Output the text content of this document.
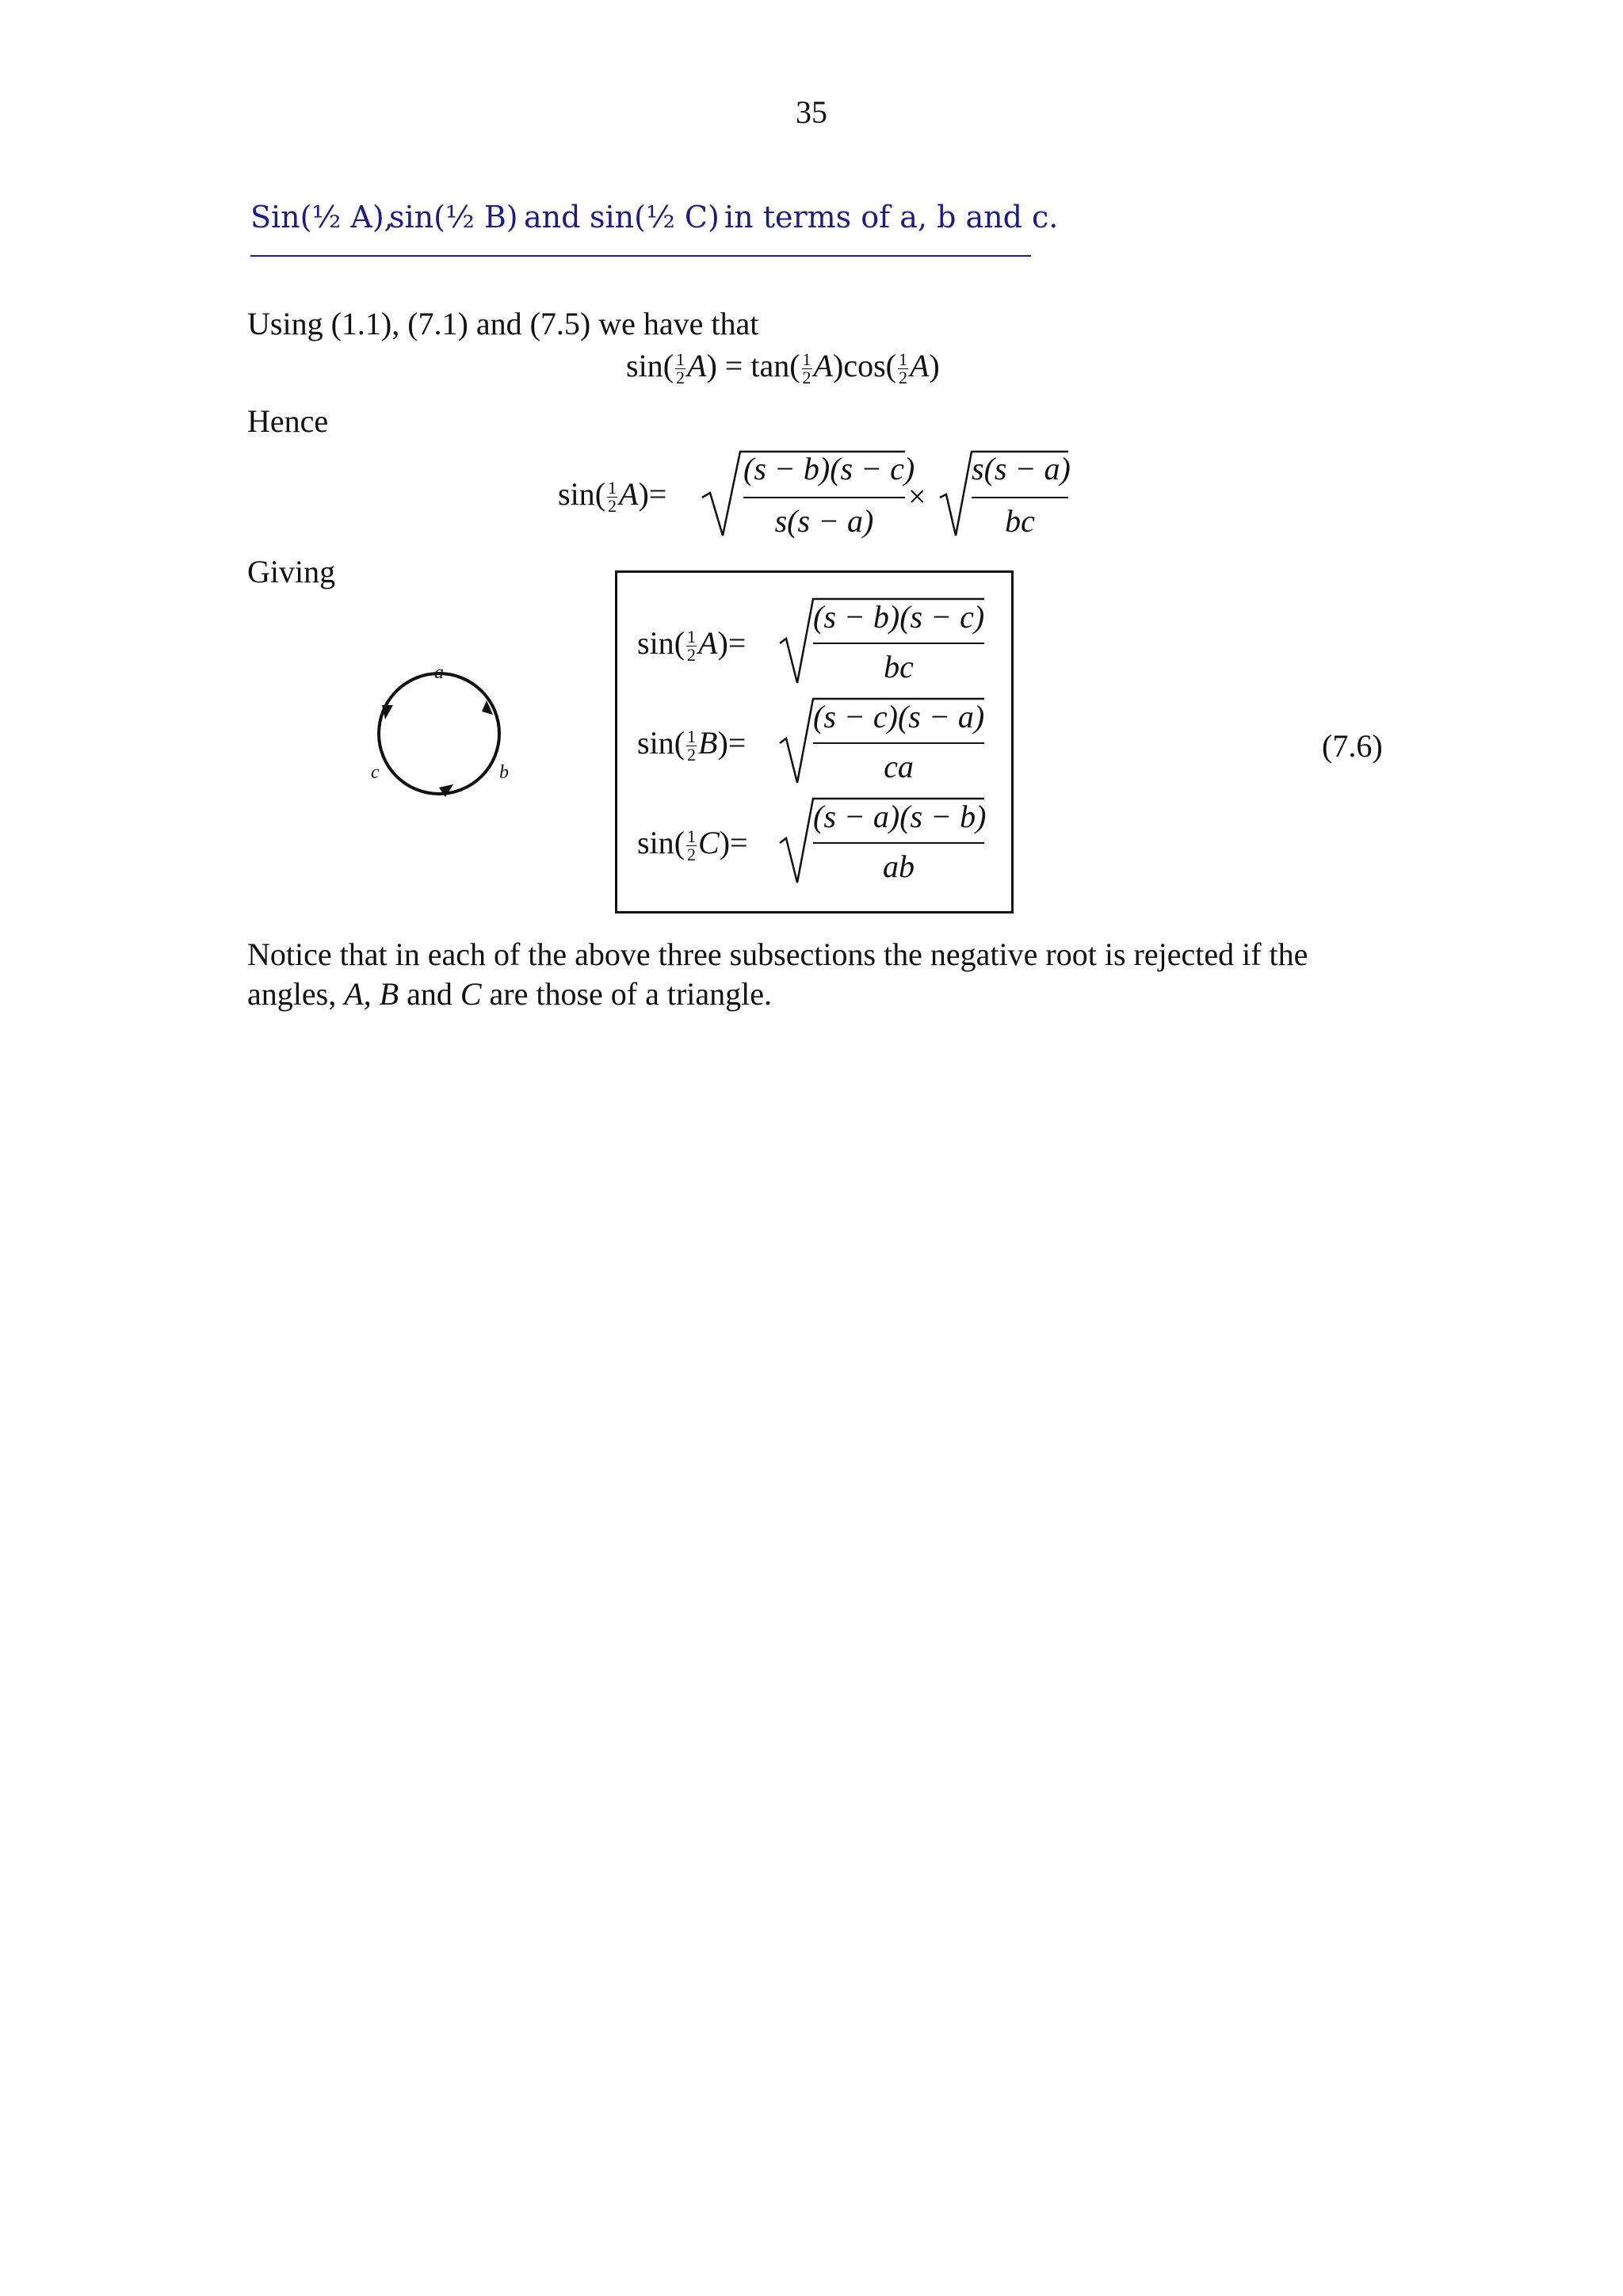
35
Sin(½ A),
sin(½ B) and sin(½ C) in terms of a, b and c.
Using (1.1), (7.1) and (7.5) we have that
$\sin( \frac{1}{2} A) = \tan( \frac{1}{2} A)\cos( \frac{1}{2} A)$
Hence
$\sin( \frac{1}{2} A)=$
(s − b)(s − c)
s(s − a)
×
s(s − a)
bc
Giving
a
b
c
$\sin( \frac{1}{2} A)=$
(s − b)(s − c)
bc
$\sin( \frac{1}{2} B)=$
(s − c)(s − a)
ca
$\sin( \frac{1}{2} C)=$
(s − a)(s − b)
ab
(7.6)
Notice that in each of the above three subsections the negative root is rejected if the
angles, A, B and C are those of a triangle.
